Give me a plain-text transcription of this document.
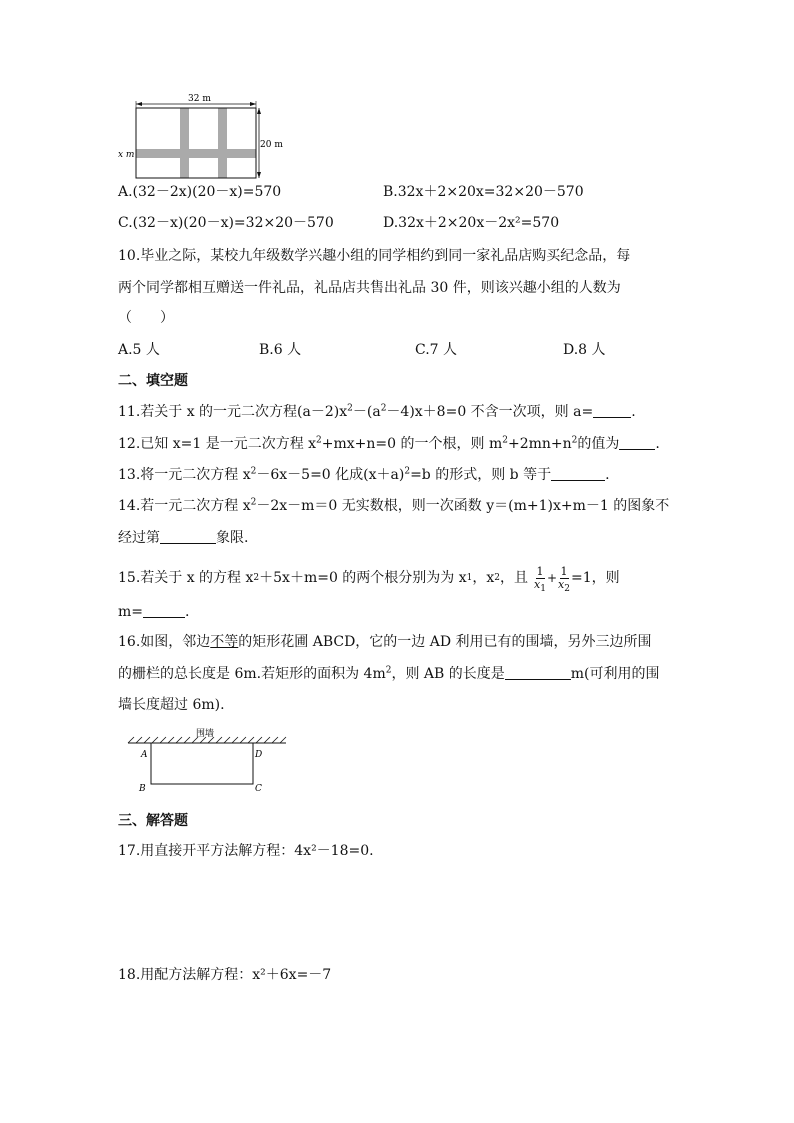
32 m
20 m
x m
A.(32－2x)(20－x)=570	B.32x＋2×20x=32×20－570
C.(32－x)(20－x)=32×20－570	D.32x＋2×20x－2x²=570
10.毕业之际，某校九年级数学兴趣小组的同学相约到同一家礼品店购买纪念品，每
两个同学都相互赠送一件礼品，礼品店共售出礼品 30 件，则该兴趣小组的人数为
（　　）
A.5 人	B.6 人	C.7 人	D.8 人
二、填空题
11.若关于 x 的一元二次方程$(a-2)x^2-(a^2-4)x+8=0$ 不含一次项，则 a=	.
12.已知 x=1 是一元二次方程 $x^2+mx+n=0$ 的一个根，则 $m^2+2mn+n^2$的值为	.
13.将一元二次方程 $x^2-6x-5=0$ 化成$(x+a)^2=b$ 的形式，则 b 等于	.
14.若一元二次方程 $x^2-2x-m=0$ 无实数根，则一次函数 y＝(m+1)x+m－1 的图象不
经过第	象限.
15.若关于 x 的方程 x 2 ＋5x＋m=0 的两个根分别为为 x 1 ，x 2 ，且 $\frac{1}{x_1} + \frac{1}{x_2} =1$，则
m=	.
16.如图，邻边不等的矩形花圃 ABCD，它的一边 AD 利用已有的围墙，另外三边所围
的栅栏的总长度是 6m.若矩形的面积为 $4m^2$，则 AB 的长度是	m(可利用的围
墙长度超过 6m).
围墙
A	D
B	C
三、解答题
17.用直接开平方法解方程：4x²－18=0.
18.用配方法解方程：x²＋6x=－7
